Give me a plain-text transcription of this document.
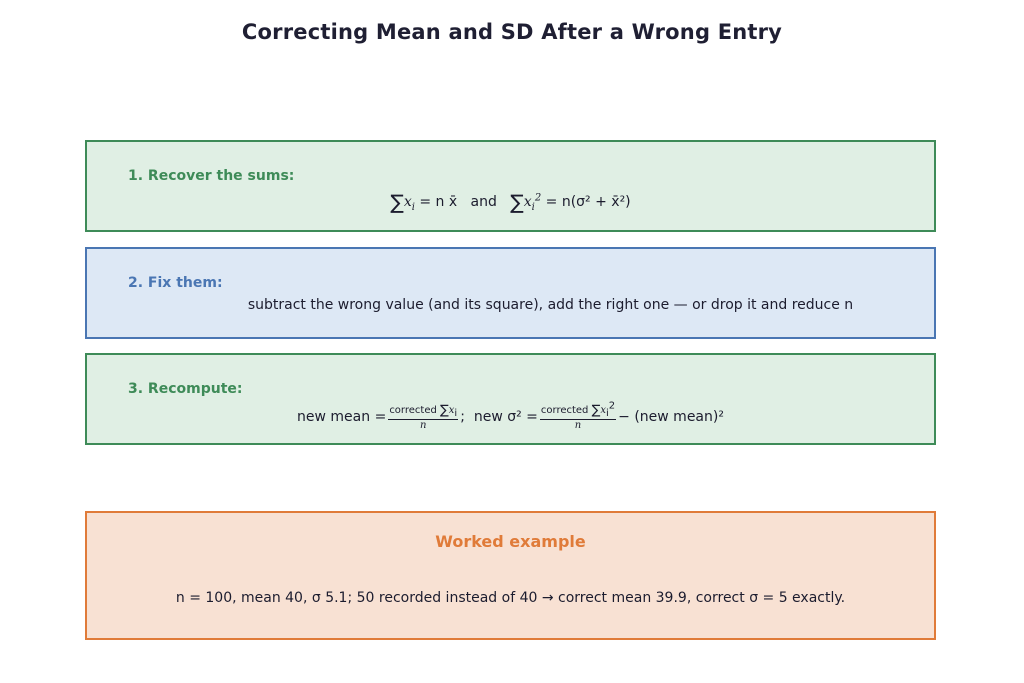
Correcting Mean and SD After a Wrong Entry
1. Recover the sums:
$\sum x_i = n$ x̄ and $\sum x_i^2 = n(\sigma^2$ + x̄²)
2. Fix them:
subtract the wrong value (and its square), add the right one — or drop it and reduce n
3. Recompute:
new mean = $\frac{corrected \sum x_i}{n}$ ; new $\sigma^2 = \frac{corrected \sum x_i^2}{n} - (new$ mean)²
Worked example
n = 100, mean 40, σ 5.1; 50 recorded instead of 40 → correct mean 39.9, correct σ = 5 exactly.
